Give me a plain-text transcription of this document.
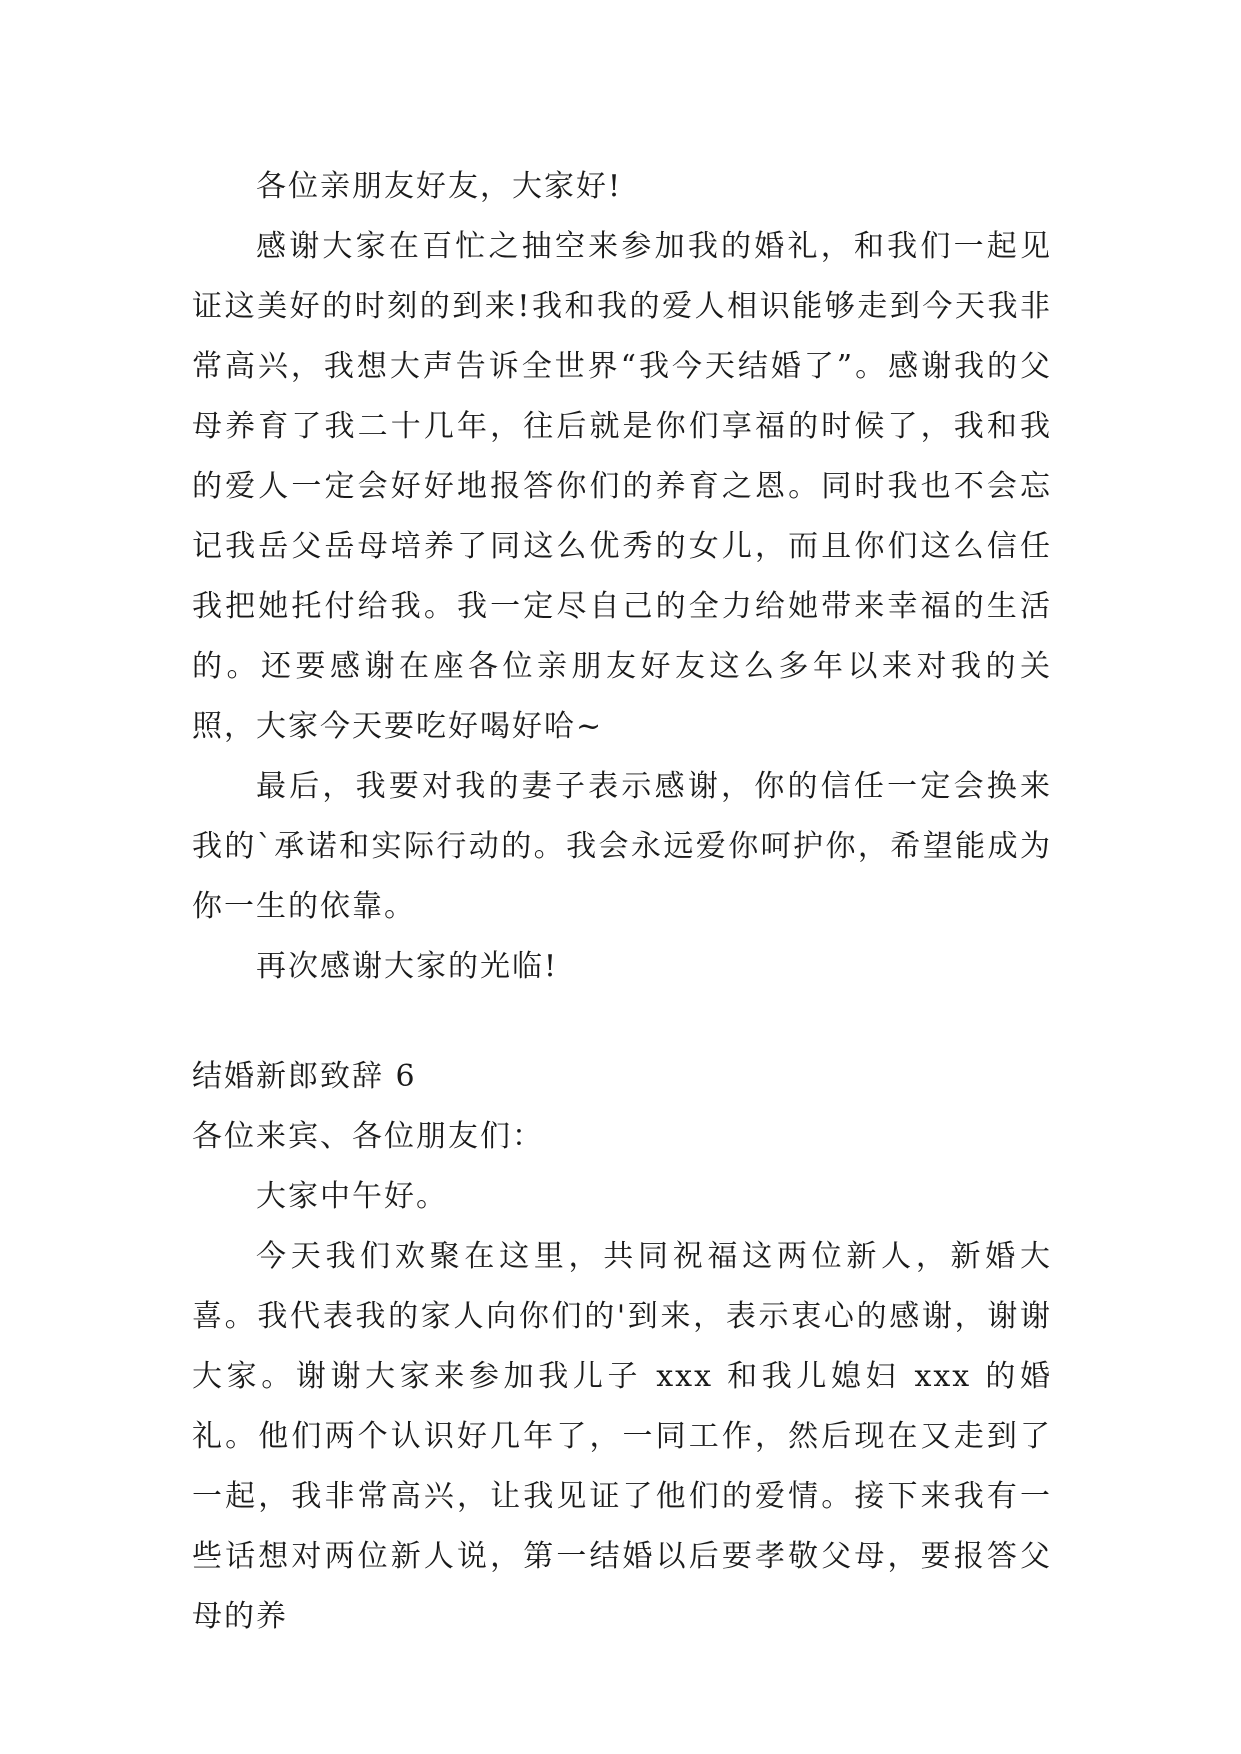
各位亲朋友好友，大家好!

感谢大家在百忙之抽空来参加我的婚礼，和我们一起见证这美好的时刻的到来!我和我的爱人相识能够走到今天我非常高兴，我想大声告诉全世界“我今天结婚了”。感谢我的父母养育了我二十几年，往后就是你们享福的时候了，我和我的爱人一定会好好地报答你们的养育之恩。同时我也不会忘记我岳父岳母培养了同这么优秀的女儿，而且你们这么信任我把她托付给我。我一定尽自己的全力给她带来幸福的生活的。还要感谢在座各位亲朋友好友这么多年以来对我的关照，大家今天要吃好喝好哈~

最后，我要对我的妻子表示感谢，你的信任一定会换来我的`承诺和实际行动的。我会永远爱你呵护你，希望能成为你一生的依靠。

再次感谢大家的光临!

结婚新郎致辞 6

各位来宾、各位朋友们：

大家中午好。

今天我们欢聚在这里，共同祝福这两位新人，新婚大喜。我代表我的家人向你们的'到来，表示衷心的感谢，谢谢大家。谢谢大家来参加我儿子 xxx 和我儿媳妇 xxx 的婚礼。他们两个认识好几年了，一同工作，然后现在又走到了一起，我非常高兴，让我见证了他们的爱情。接下来我有一些话想对两位新人说，第一结婚以后要孝敬父母，要报答父母的养
